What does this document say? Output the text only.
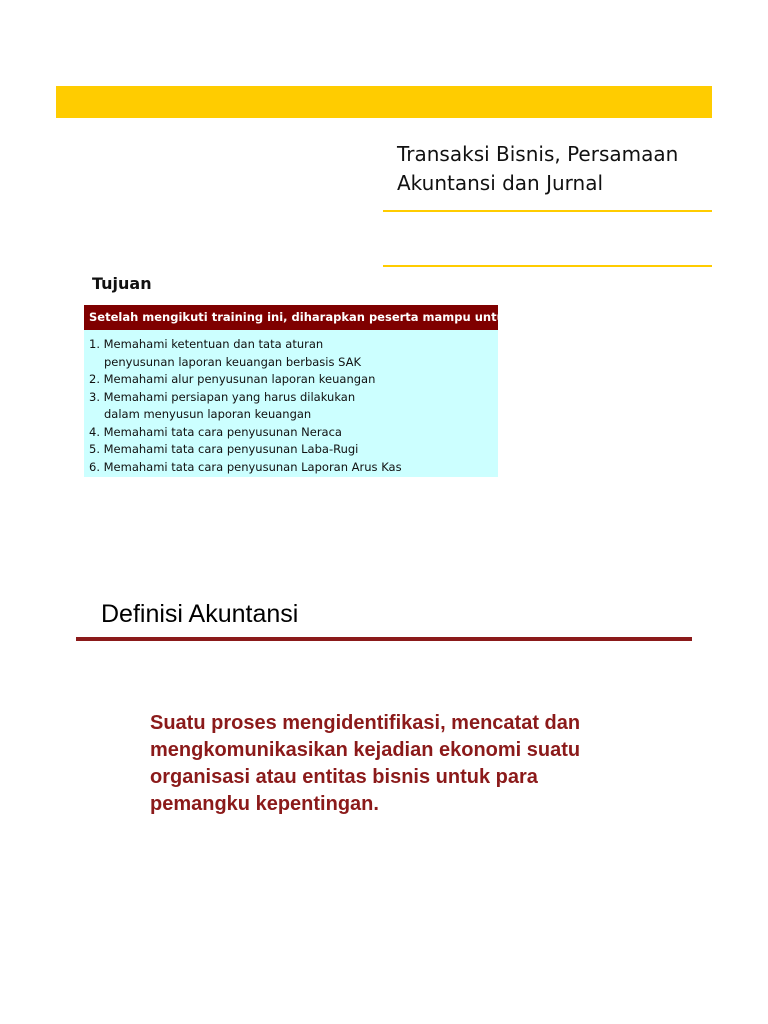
Transaksi Bisnis, Persamaan
Akuntansi dan Jurnal
Tujuan
Setelah mengikuti training ini, diharapkan peserta mampu untuk:
1. Memahami ketentuan dan tata aturan
penyusunan laporan keuangan berbasis SAK
2. Memahami alur penyusunan laporan keuangan
3. Memahami persiapan yang harus dilakukan
dalam menyusun laporan keuangan
4. Memahami tata cara penyusunan Neraca
5. Memahami tata cara penyusunan Laba-Rugi
6. Memahami tata cara penyusunan Laporan Arus Kas
Definisi Akuntansi

Suatu proses mengidentifikasi, mencatat dan
mengkomunikasikan kejadian ekonomi suatu
organisasi atau entitas bisnis untuk para
pemangku kepentingan.
